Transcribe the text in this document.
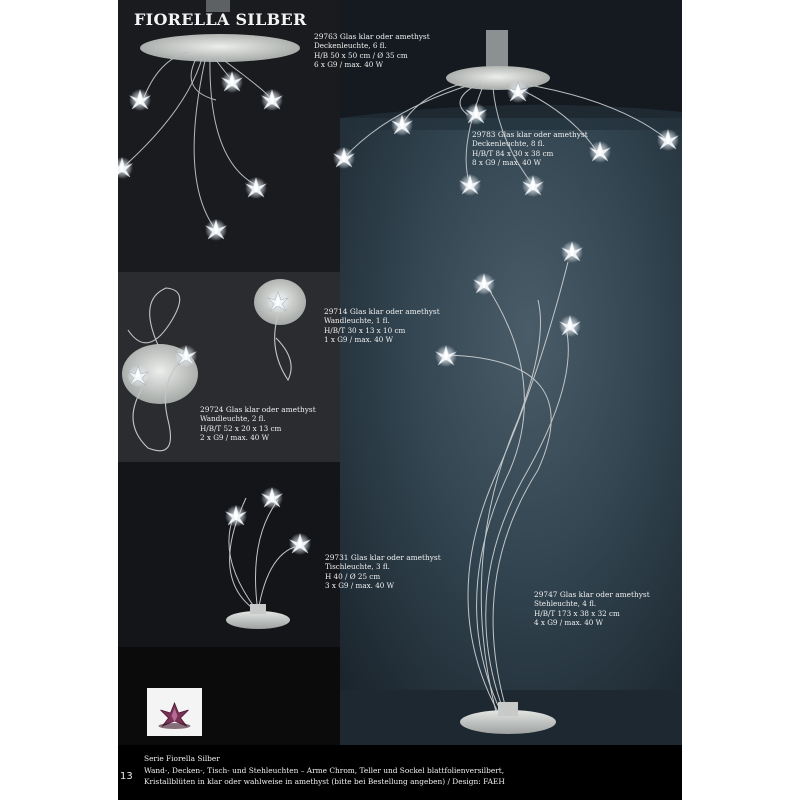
FIORELLA SILBER
29763 Glas klar oder amethyst
Deckenleuchte, 6 fl.
H/B 50 x 50 cm / Ø 35 cm
6 x G9 / max. 40 W
29783 Glas klar oder amethyst
Deckenleuchte, 8 fl.
H/B/T 84 x 30 x 38 cm
8 x G9 / max. 40 W
29714 Glas klar oder amethyst
Wandleuchte, 1 fl.
H/B/T 30 x 13 x 10 cm
1 x G9 / max. 40 W
29724 Glas klar oder amethyst
Wandleuchte, 2 fl.
H/B/T 52 x 20 x 13 cm
2 x G9 / max. 40 W
29731 Glas klar oder amethyst
Tischleuchte, 3 fl.
H 40 / Ø 25 cm
3 x G9 / max. 40 W
29747 Glas klar oder amethyst
Stehleuchte, 4 fl.
H/B/T 173 x 38 x 32 cm
4 x G9 / max. 40 W
Serie Fiorella Silber
Wand-, Decken-, Tisch- und Stehleuchten – Arme Chrom, Teller und Sockel blattfolienversilbert,
Kristallblüten in klar oder wahlweise in amethyst (bitte bei Bestellung angeben) / Design: FAEH
13
